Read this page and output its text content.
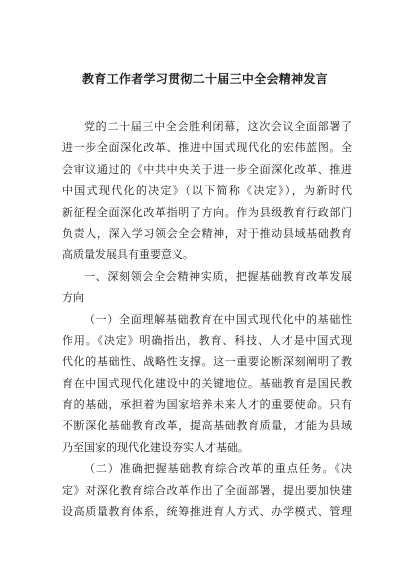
教育工作者学习贯彻二十届三中全会精神发言
党的二十届三中全会胜利闭幕，这次会议全面部署了
进一步全面深化改革、推进中国式现代化的宏伟蓝图。全
会审议通过的《中共中央关于进一步全面深化改革、推进
中国式现代化的决定》（以下简称《决定》），为新时代
新征程全面深化改革指明了方向。作为县级教育行政部门
负责人，深入学习领会全会精神，对于推动县域基础教育
高质量发展具有重要意义。
一、深刻领会全会精神实质，把握基础教育改革发展
方向
（一）全面理解基础教育在中国式现代化中的基础性
作用。《决定》明确指出，教育、科技、人才是中国式现
代化的基础性、战略性支撑。这一重要论断深刻阐明了教
育在中国式现代化建设中的关键地位。基础教育是国民教
育的基础，承担着为国家培养未来人才的重要使命。只有
不断深化基础教育改革，提高基础教育质量，才能为县域
乃至国家的现代化建设夯实人才基础。
（二）准确把握基础教育综合改革的重点任务。《决
定》对深化教育综合改革作出了全面部署，提出要加快建
设高质量教育体系，统筹推进育人方式、办学模式、管理
